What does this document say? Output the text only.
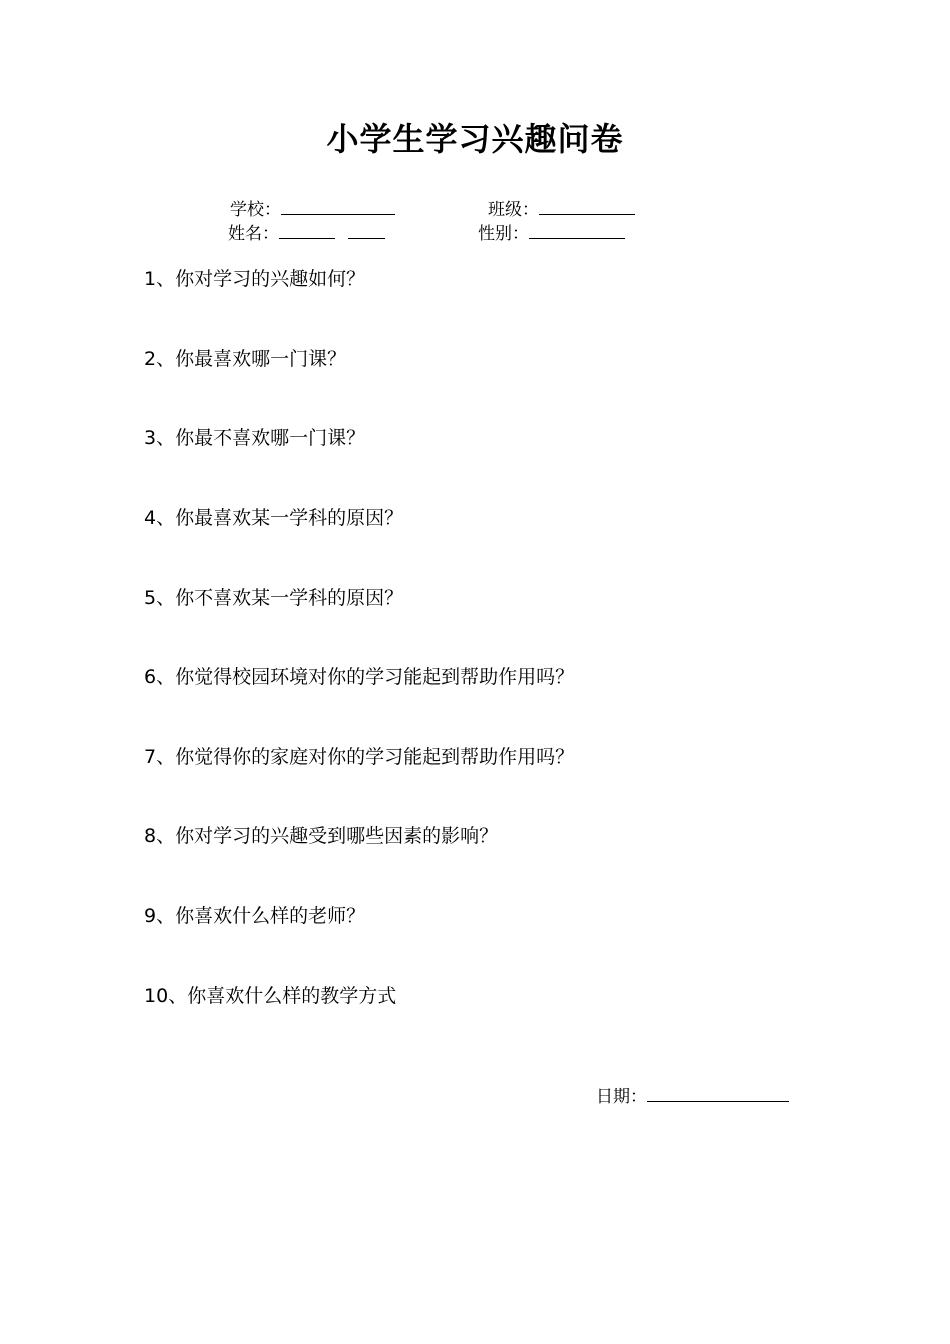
小学生学习兴趣问卷
学校：	班级：
姓名：	性别：
1、你对学习的兴趣如何？
2、你最喜欢哪一门课？
3、你最不喜欢哪一门课？
4、你最喜欢某一学科的原因？
5、你不喜欢某一学科的原因？
6、你觉得校园环境对你的学习能起到帮助作用吗？
7、你觉得你的家庭对你的学习能起到帮助作用吗？
8、你对学习的兴趣受到哪些因素的影响？
9、你喜欢什么样的老师？
10、你喜欢什么样的教学方式
日期：
